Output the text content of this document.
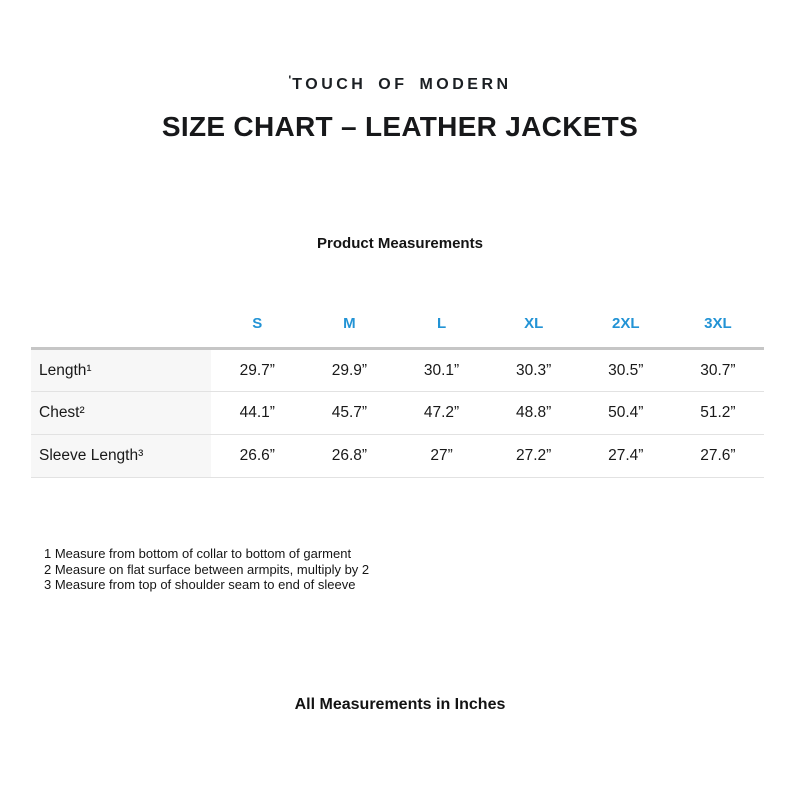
'TOUCH OF MODERN
SIZE CHART – LEATHER JACKETS
Product Measurements
	S	M	L	XL	2XL	3XL
Length¹	29.7”	29.9”	30.1”	30.3”	30.5”	30.7”
Chest²	44.1”	45.7”	47.2”	48.8”	50.4”	51.2”
Sleeve Length³	26.6”	26.8”	27”	27.2”	27.4”	27.6”
1 Measure from bottom of collar to bottom of garment
2 Measure on flat surface between armpits, multiply by 2
3 Measure from top of shoulder seam to end of sleeve
All Measurements in Inches
